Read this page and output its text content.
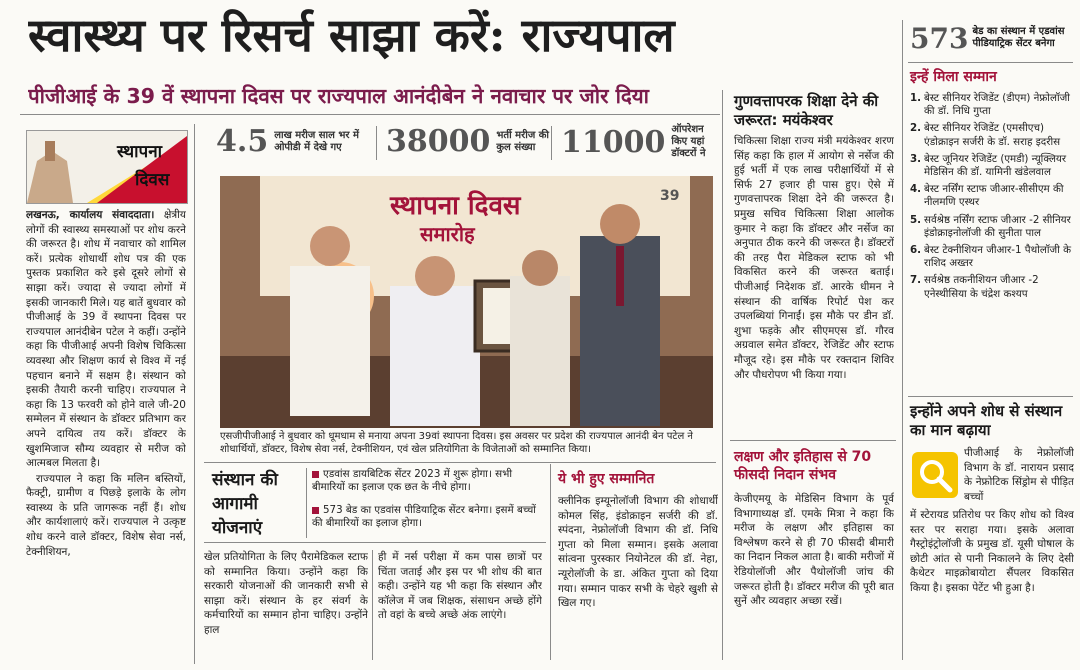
स्वास्थ्य पर रिसर्च साझा करें: राज्यपाल
पीजीआई के 39 वें स्थापना दिवस पर राज्यपाल आनंदीबेन ने नवाचार पर जोर दिया
स्थापना
दिवस

लखनऊ, कार्यालय संवाददाता। क्षेत्रीय लोगों की स्वास्थ्य समस्याओं पर शोध करने की जरूरत है। शोध में नवाचार को शामिल करें। प्रत्येक शोधार्थी शोध पत्र की एक पुस्तक प्रकाशित करे इसे दूसरे लोगों से साझा करें। ज्यादा से ज्यादा लोगों में इसकी जानकारी मिले। यह बातें बुधवार को पीजीआई के 39 वें स्थापना दिवस पर राज्यपाल आनंदीबेन पटेल ने कहीं। उन्होंने कहा कि पीजीआई अपनी विशेष चिकित्सा व्यवस्था और शिक्षण कार्य से विश्व में नई पहचान बनाने में सक्षम है। संस्थान को इसकी तैयारी करनी चाहिए। राज्यपाल ने कहा कि 13 फरवरी को होने वाले जी-20 सम्मेलन में संस्थान के डॉक्टर प्रतिभाग कर अपने दायित्व तय करें। डॉक्टर के खुशमिजाज सौम्य व्यवहार से मरीज को आत्मबल मिलता है।

राज्यपाल ने कहा कि मलिन बस्तियों, फैक्ट्री, ग्रामीण व पिछड़े इलाके के लोग स्वास्थ्य के प्रति जागरूक नहीं हैं। शोध और कार्यशालाएं करें। राज्यपाल ने उत्कृष्ट शोध करने वाले डॉक्टर, विशेष सेवा नर्स, टेक्नीशियन,

4.5 लाख मरीज साल भर में ओपीडी में देखे गए	38000 भर्ती मरीज की कुल संख्या 11000 ऑपरेशन किए यहां डॉक्टरों ने
स्थापना दिवस
समारोह
39
एसजीपीजीआई ने बुधवार को धूमधाम से मनाया अपना 39वां स्थापना दिवस। इस अवसर पर प्रदेश की राज्यपाल आनंदी बेन पटेल ने शोधार्थियों, डॉक्टर, विशेष सेवा नर्स, टेक्नीशियन, एवं खेल प्रतियोगिता के विजेताओं को सम्मानित किया।
संस्थान की आगामी योजनाएं
एडवांस डायबिटिक सेंटर 2023 में शुरू होगा। सभी बीमारियों का इलाज एक छत के नीचे होगा।
573 बेड का एडवांस पीडियाट्रिक सेंटर बनेगा। इसमें बच्चों की बीमारियों का इलाज होगा।
खेल प्रतियोगिता के लिए पैरामेडिकल स्टाफ को सम्मानित किया। उन्होंने कहा कि सरकारी योजनाओं की जानकारी सभी से साझा करें। संस्थान के हर संवर्ग के कर्मचारियों का सम्मान होना चाहिए। उन्होंने हाल
ही में नर्स परीक्षा में कम पास छात्रों पर चिंता जताई और इस पर भी शोध की बात कही। उन्होंने यह भी कहा कि संस्थान और कॉलेज में जब शिक्षक, संसाधन अच्छे होंगे तो वहां के बच्चे अच्छे अंक लाएंगे।
ये भी हुए सम्मानित
क्लीनिक इम्यूनोलॉजी विभाग की शोधार्थी कोमल सिंह, इंडोक्राइन सर्जरी की डॉ. स्पंदना, नेफ्रोलॉजी विभाग की डॉ. निधि गुप्ता को मिला सम्मान। इसके अलावा सांत्वना पुरस्कार नियोनेटल की डॉ. नेहा, न्यूरोलॉजी के डा. अंकित गुप्ता को दिया गया। सम्मान पाकर सभी के चेहरे खुशी से खिल गए।
गुणवत्तापरक शिक्षा देने की जरूरत: मयंकेश्वर
चिकित्सा शिक्षा राज्य मंत्री मयंकेश्वर शरण सिंह कहा कि हाल में आयोग से नर्सेज की हुई भर्ती में एक लाख परीक्षार्थियों में से सिर्फ 27 हजार ही पास हुए। ऐसे में गुणवत्तापरक शिक्षा देने की जरूरत है। प्रमुख सचिव चिकित्सा शिक्षा आलोक कुमार ने कहा कि डॉक्टर और नर्सेज का अनुपात ठीक करने की जरूरत है। डॉक्टरों की तरह पैरा मेडिकल स्टाफ को भी विकसित करने की जरूरत बताई। पीजीआई निदेशक डॉ. आरके धीमन ने संस्थान की वार्षिक रिपोर्ट पेश कर उपलब्धियां गिनाईं। इस मौके पर डीन डॉ. शुभा फड़के और सीएमएस डॉ. गौरव अग्रवाल समेत डॉक्टर, रेजिडेंट और स्टाफ मौजूद रहे। इस मौके पर रक्तदान शिविर और पौधरोपण भी किया गया।
लक्षण और इतिहास से 70 फीसदी निदान संभव
केजीएमयू के मेडिसिन विभाग के पूर्व विभागाध्यक्ष डॉ. एमके मित्रा ने कहा कि मरीज के लक्षण और इतिहास का विश्लेषण करने से ही 70 फीसदी बीमारी का निदान निकल आता है। बाकी मरीजों में रेडियोलॉजी और पैथोलॉजी जांच की जरूरत होती है। डॉक्टर मरीज की पूरी बात सुनें और व्यवहार अच्छा रखें।
573 बेड का संस्थान में एडवांस पीडियाट्रिक सेंटर बनेगा
इन्हें मिला सम्मान
1. बेस्ट सीनियर रेजिडेंट (डीएम) नेफ्रोलॉजी की डॉ. निधि गुप्ता
2. बेस्ट सीनियर रेजिडेंट (एमसीएच) एंडोक्राइन सर्जरी के डॉ. सराह इदरीस
3. बेस्ट जूनियर रेजिडेंट (एमडी) न्यूक्लियर मेडिसिन की डॉ. यामिनी खंडेलवाल
4. बेस्ट नर्सिंग स्टाफ जीआर-सीसीएम की नीलमणि एस्थर
5. सर्वश्रेष्ठ नर्सिंग स्टाफ जीआर -2 सीनियर इंडोक्राइनोलॉजी की सुनीता पाल
6. बेस्ट टेक्नीशियन जीआर-1 पैथोलॉजी के राशिद अख्तर
7. सर्वश्रेष्ठ तकनीशियन जीआर -2 एनेस्थीसिया के चंद्रेश कश्यप
इन्होंने अपने शोध से संस्थान का मान बढ़ाया
पीजीआई के नेफ्रोलॉजी विभाग के डॉ. नारायन प्रसाद के नेफ्रोटिक सिंड्रोम से पीड़ित बच्चों
में स्टेरायड प्रतिरोध पर किए शोध को विश्व स्तर पर सराहा गया। इसके अलावा गैस्ट्रोइंट्रोलॉजी के प्रमुख डॉ. यूसी घोषाल के छोटी आंत से पानी निकालने के लिए देसी कैथेटर माइक्रोबायोटा सैंपलर विकसित किया है। इसका पेटेंट भी हुआ है।
